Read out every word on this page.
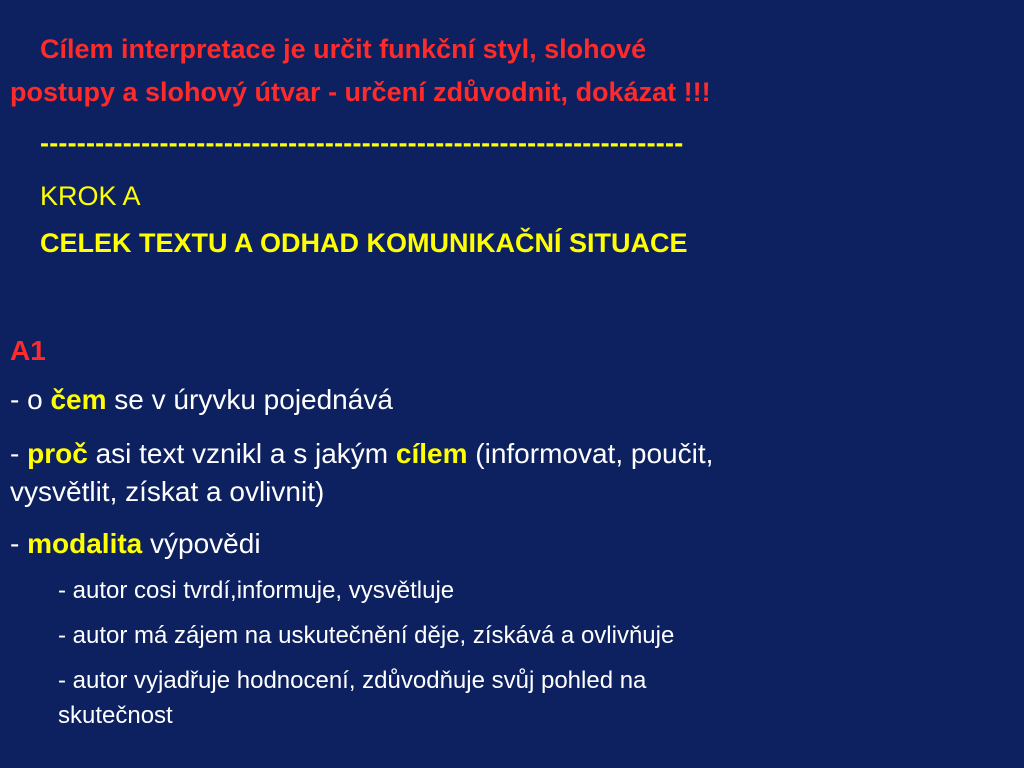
Cílem interpretace je určit funkční styl, slohové
postupy a slohový útvar - určení zdůvodnit, dokázat !!!
----------------------------------------------------------------------
KROK A
CELEK TEXTU A ODHAD KOMUNIKAČNÍ SITUACE
A1
- o čem se v úryvku pojednává
- proč asi text vznikl a s jakým cílem (informovat, poučit,
vysvětlit, získat a ovlivnit)
- modalita výpovědi
- autor cosi tvrdí,informuje, vysvětluje
- autor má zájem na uskutečnění děje, získává a ovlivňuje
- autor vyjadřuje hodnocení, zdůvodňuje svůj pohled na
skutečnost
